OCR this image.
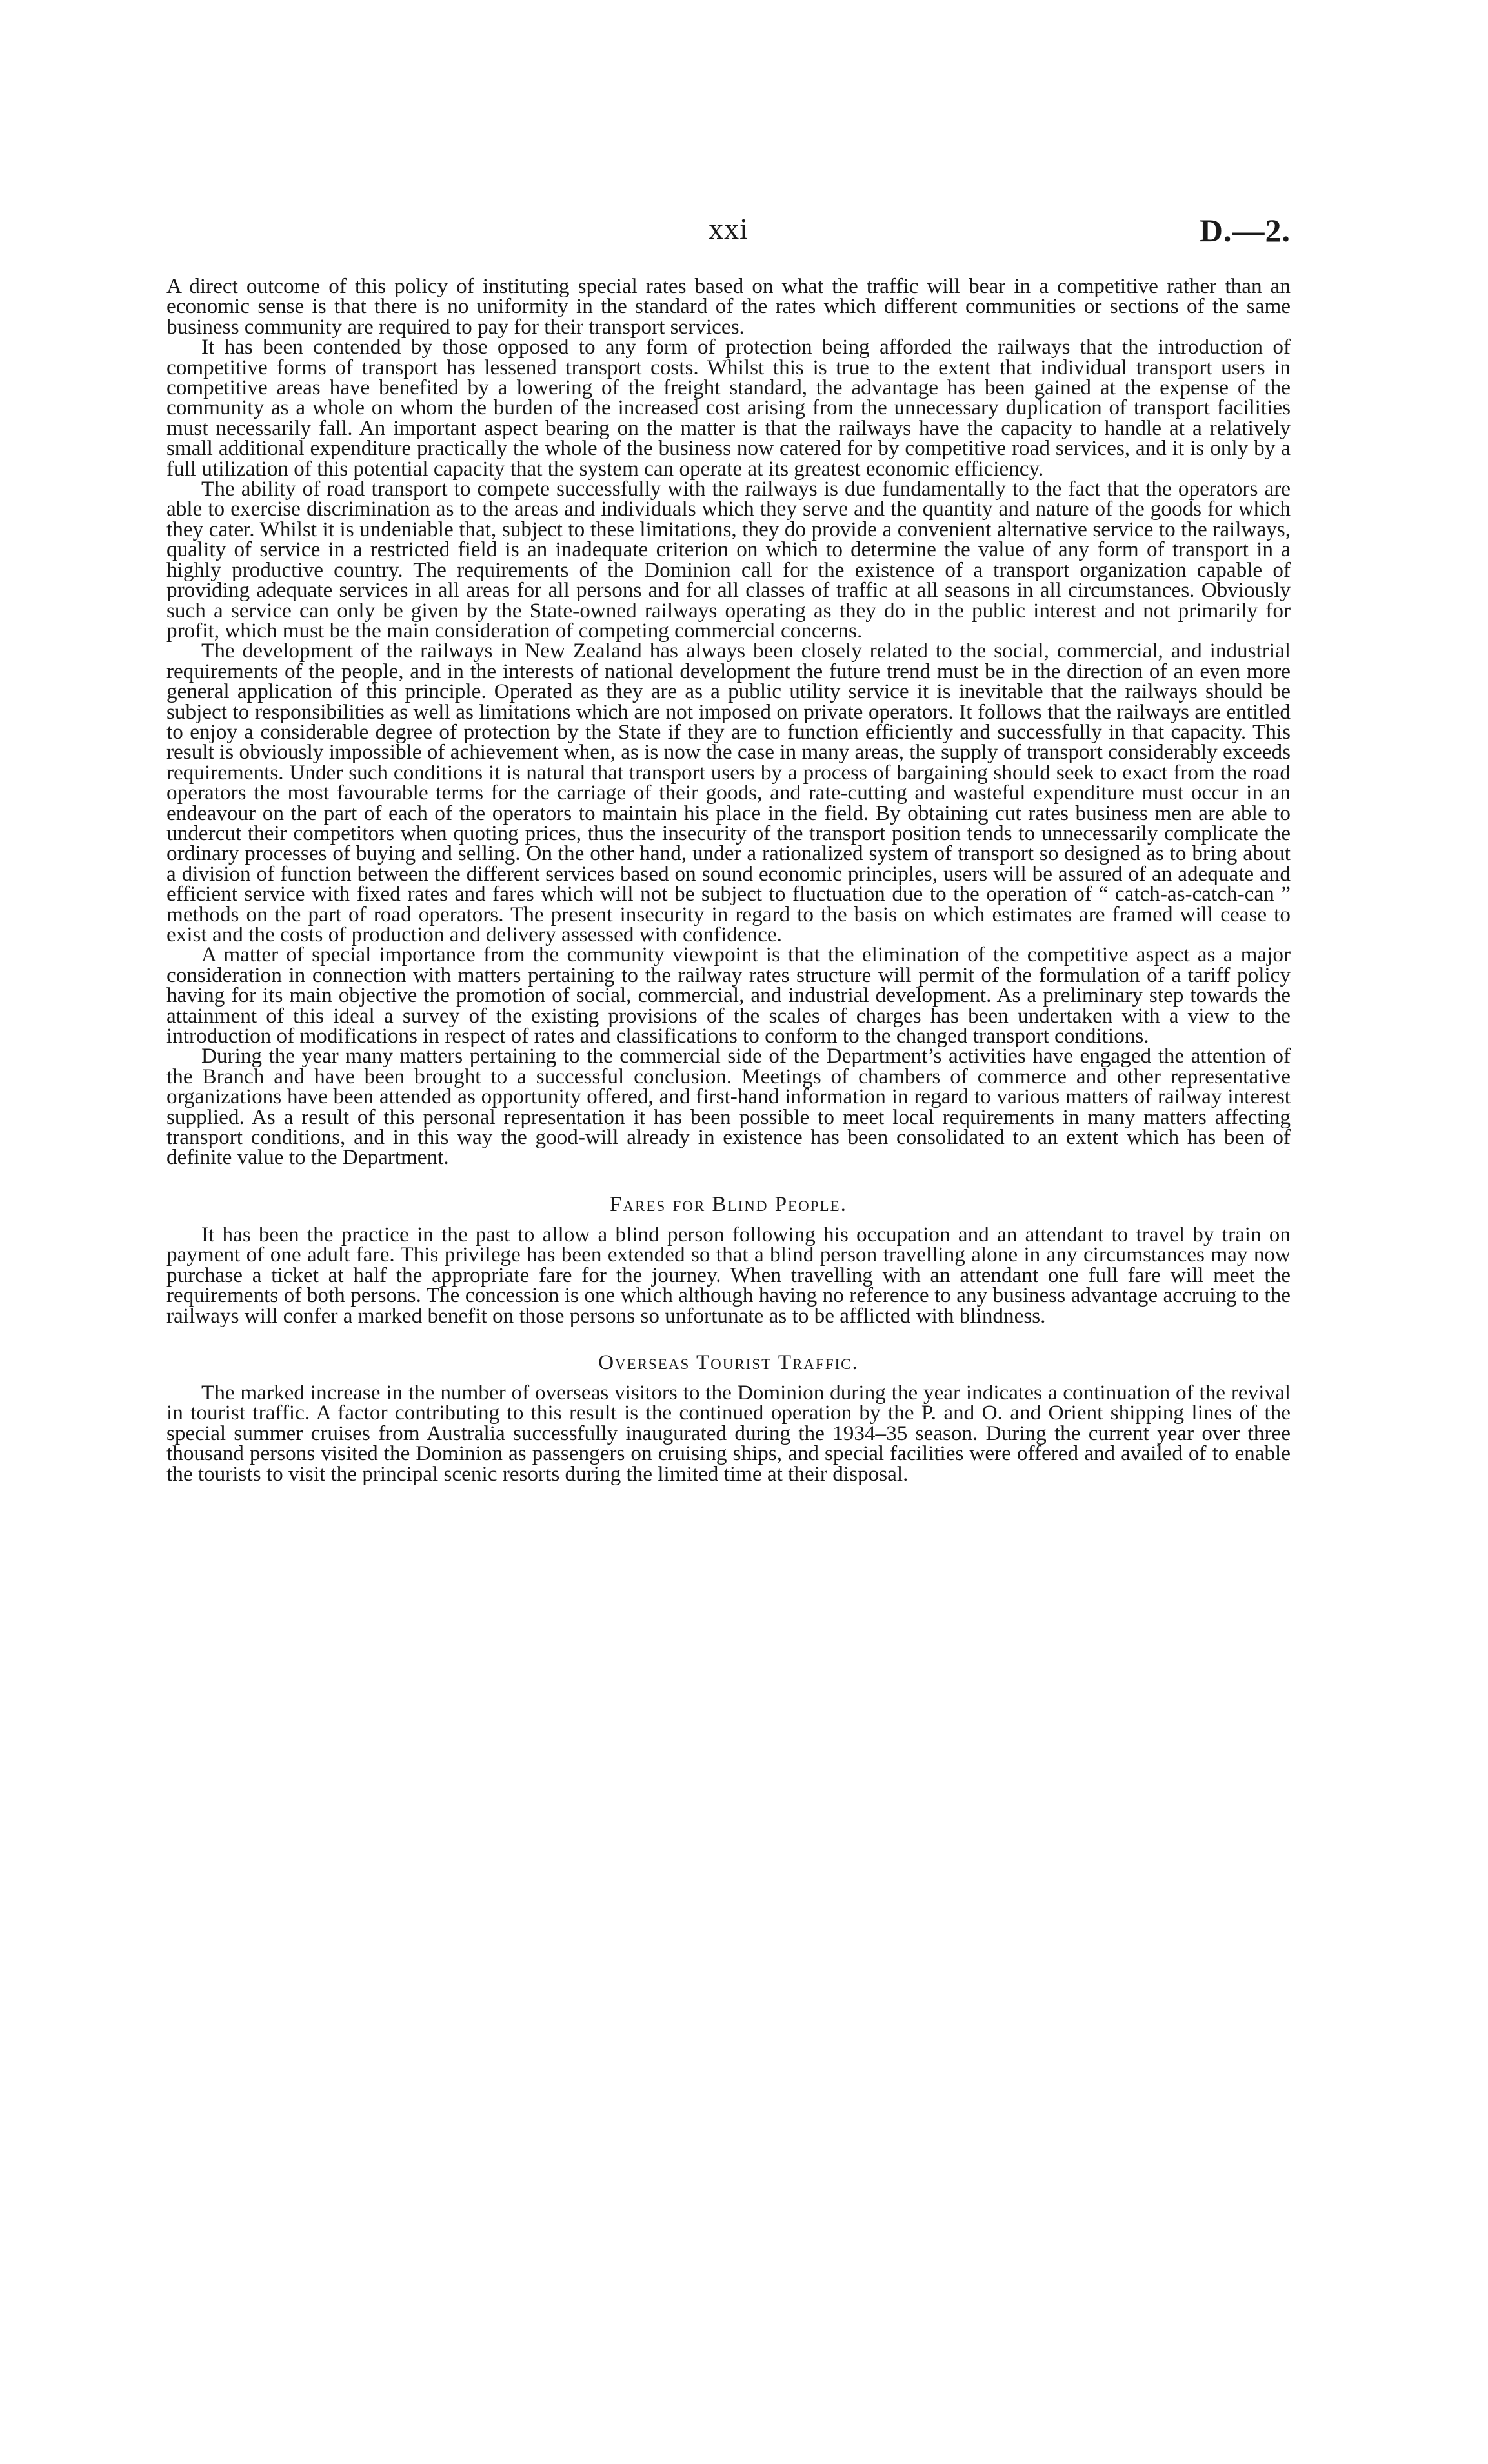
xxi	D.—2.

A direct outcome of this policy of instituting special rates based on what the traffic will bear in a competitive rather than an economic sense is that there is no uniformity in the standard of the rates which different communities or sections of the same business community are required to pay for their transport services.

It has been contended by those opposed to any form of protection being afforded the railways that the introduction of competitive forms of transport has lessened transport costs. Whilst this is true to the extent that individual transport users in competitive areas have benefited by a lowering of the freight standard, the advantage has been gained at the expense of the community as a whole on whom the burden of the increased cost arising from the unnecessary duplication of transport facilities must necessarily fall. An important aspect bearing on the matter is that the railways have the capacity to handle at a relatively small additional expenditure practically the whole of the business now catered for by competitive road services, and it is only by a full utilization of this potential capacity that the system can operate at its greatest economic efficiency.

The ability of road transport to compete successfully with the railways is due fundamentally to the fact that the operators are able to exercise discrimination as to the areas and individuals which they serve and the quantity and nature of the goods for which they cater. Whilst it is undeniable that, subject to these limitations, they do provide a convenient alternative service to the railways, quality of service in a restricted field is an inadequate criterion on which to determine the value of any form of transport in a highly productive country. The requirements of the Dominion call for the existence of a transport organization capable of providing adequate services in all areas for all persons and for all classes of traffic at all seasons in all circumstances. Obviously such a service can only be given by the State-owned railways operating as they do in the public interest and not primarily for profit, which must be the main consideration of competing commercial concerns.

The development of the railways in New Zealand has always been closely related to the social, commercial, and industrial requirements of the people, and in the interests of national development the future trend must be in the direction of an even more general application of this principle. Operated as they are as a public utility service it is inevitable that the railways should be subject to responsibilities as well as limitations which are not imposed on private operators. It follows that the railways are entitled to enjoy a considerable degree of protection by the State if they are to function efficiently and successfully in that capacity. This result is obviously impossible of achievement when, as is now the case in many areas, the supply of transport considerably exceeds requirements. Under such conditions it is natural that transport users by a process of bargaining should seek to exact from the road operators the most favourable terms for the carriage of their goods, and rate-cutting and wasteful expenditure must occur in an endeavour on the part of each of the operators to maintain his place in the field. By obtaining cut rates business men are able to undercut their competitors when quoting prices, thus the insecurity of the transport position tends to unnecessarily complicate the ordinary processes of buying and selling. On the other hand, under a rationalized system of transport so designed as to bring about a division of function between the different services based on sound economic principles, users will be assured of an adequate and efficient service with fixed rates and fares which will not be subject to fluctuation due to the operation of “ catch-as-catch-can ” methods on the part of road operators. The present insecurity in regard to the basis on which estimates are framed will cease to exist and the costs of production and delivery assessed with confidence.

A matter of special importance from the community viewpoint is that the elimination of the competitive aspect as a major consideration in connection with matters pertaining to the railway rates structure will permit of the formulation of a tariff policy having for its main objective the promotion of social, commercial, and industrial development. As a preliminary step towards the attainment of this ideal a survey of the existing provisions of the scales of charges has been undertaken with a view to the introduction of modifications in respect of rates and classifications to conform to the changed transport conditions.

During the year many matters pertaining to the commercial side of the Department’s activities have engaged the attention of the Branch and have been brought to a successful conclusion. Meetings of chambers of commerce and other representative organizations have been attended as opportunity offered, and first-hand information in regard to various matters of railway interest supplied. As a result of this personal representation it has been possible to meet local requirements in many matters affecting transport conditions, and in this way the good-will already in existence has been consolidated to an extent which has been of definite value to the Department.

Fares for Blind People.

It has been the practice in the past to allow a blind person following his occupation and an attendant to travel by train on payment of one adult fare. This privilege has been extended so that a blind person travelling alone in any circumstances may now purchase a ticket at half the appropriate fare for the journey. When travelling with an attendant one full fare will meet the requirements of both persons. The concession is one which although having no reference to any business advantage accruing to the railways will confer a marked benefit on those persons so unfortunate as to be afflicted with blindness.

Overseas Tourist Traffic.

The marked increase in the number of overseas visitors to the Dominion during the year indicates a continuation of the revival in tourist traffic. A factor contributing to this result is the continued operation by the P. and O. and Orient shipping lines of the special summer cruises from Australia successfully inaugurated during the 1934–35 season. During the current year over three thousand persons visited the Dominion as passengers on cruising ships, and special facilities were offered and availed of to enable the tourists to visit the principal scenic resorts during the limited time at their disposal.
